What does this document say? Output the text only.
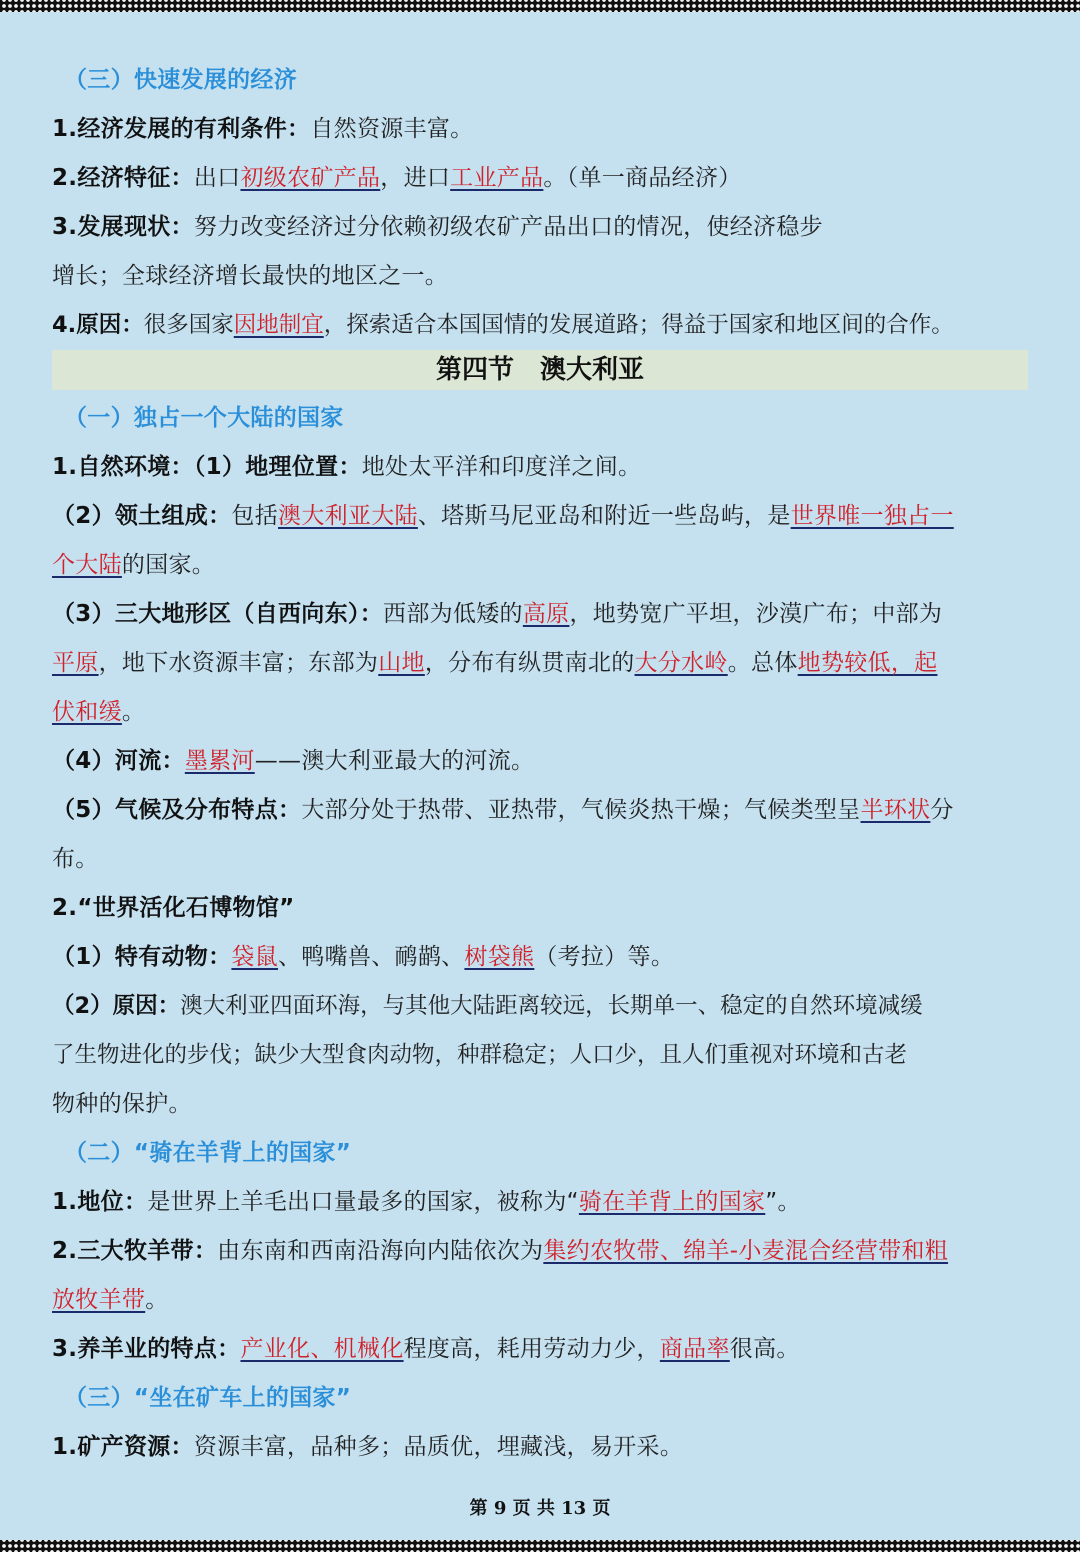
（三）快速发展的经济
1.经济发展的有利条件：自然资源丰富。
2.经济特征：出口初级农矿产品，进口工业产品。（单一商品经济）
3.发展现状：努力改变经济过分依赖初级农矿产品出口的情况，使经济稳步
增长；全球经济增长最快的地区之一。
4.原因：很多国家因地制宜，探索适合本国国情的发展道路；得益于国家和地区间的合作。
第四节　澳大利亚
（一）独占一个大陆的国家
1.自然环境：（1）地理位置：地处太平洋和印度洋之间。
（2）领土组成：包括澳大利亚大陆、塔斯马尼亚岛和附近一些岛屿，是世界唯一独占一
个大陆的国家。
（3）三大地形区（自西向东）：西部为低矮的高原，地势宽广平坦，沙漠广布；中部为
平原，地下水资源丰富；东部为山地，分布有纵贯南北的大分水岭。总体地势较低，起
伏和缓。
（4）河流：墨累河——澳大利亚最大的河流。
（5）气候及分布特点：大部分处于热带、亚热带，气候炎热干燥；气候类型呈半环状分
布。
2.“世界活化石博物馆”
（1）特有动物：袋鼠、鸭嘴兽、鸸鹋、树袋熊（考拉）等。
（2）原因：澳大利亚四面环海，与其他大陆距离较远，长期单一、稳定的自然环境减缓
了生物进化的步伐；缺少大型食肉动物，种群稳定；人口少，且人们重视对环境和古老
物种的保护。
（二）“骑在羊背上的国家”
1.地位：是世界上羊毛出口量最多的国家，被称为“骑在羊背上的国家”。
2.三大牧羊带：由东南和西南沿海向内陆依次为集约农牧带、绵羊-小麦混合经营带和粗
放牧羊带。
3.养羊业的特点：产业化、机械化程度高，耗用劳动力少，商品率很高。
（三）“坐在矿车上的国家”
1.矿产资源：资源丰富，品种多；品质优，埋藏浅，易开采。
第 9 页 共 13 页
